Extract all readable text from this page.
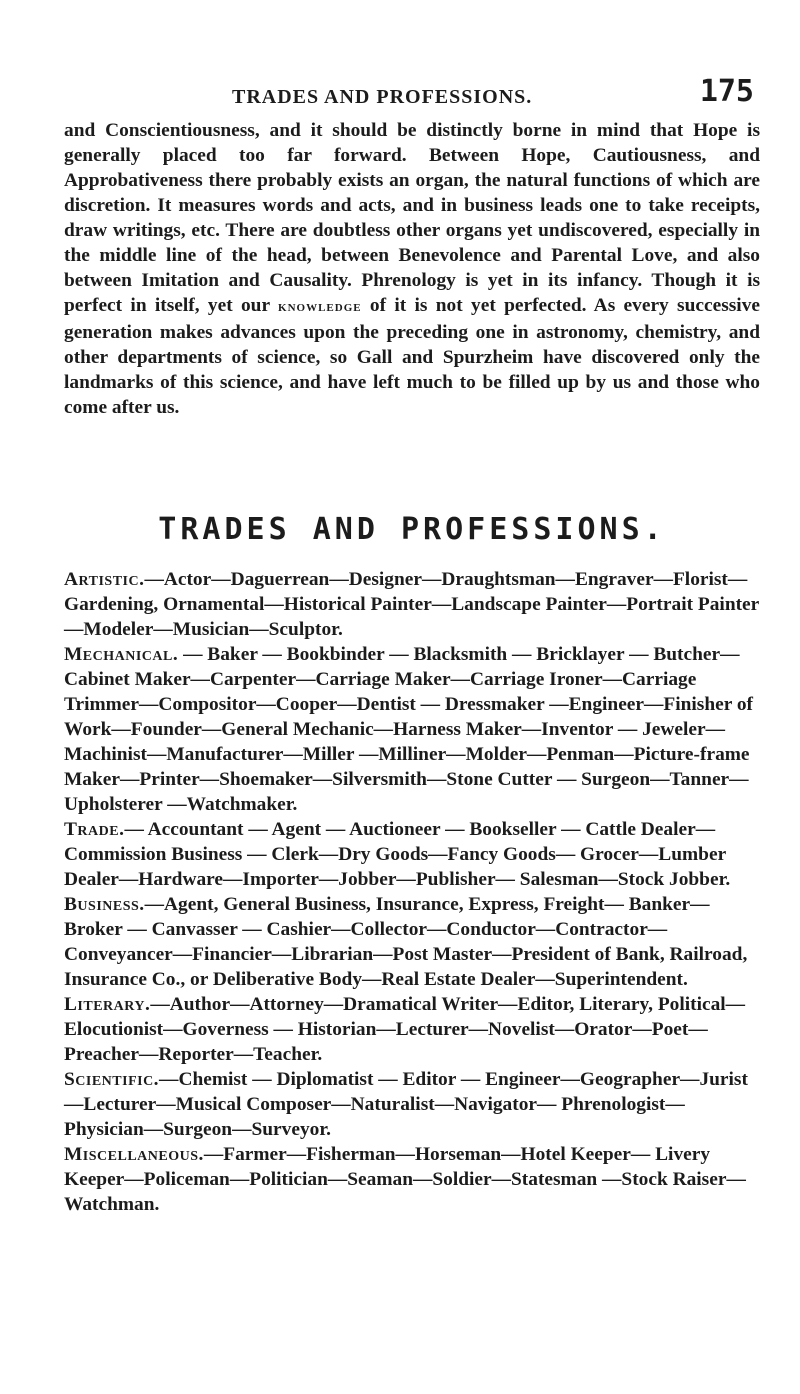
TRADES AND PROFESSIONS.	175

and Conscientiousness, and it should be distinctly borne in mind that Hope is generally placed too far forward. Between Hope, Cautiousness, and Approbativeness there probably exists an organ, the natural functions of which are discretion. It measures words and acts, and in business leads one to take receipts, draw writings, etc. There are doubtless other organs yet undiscovered, especially in the middle line of the head, between Benevolence and Parental Love, and also between Imitation and Causality. Phrenology is yet in its infancy. Though it is perfect in itself, yet our knowledge of it is not yet perfected. As every successive generation makes advances upon the preceding one in astronomy, chemistry, and other departments of science, so Gall and Spurzheim have discovered only the landmarks of this science, and have left much to be filled up by us and those who come after us.

TRADES AND PROFESSIONS.

Artistic.—Actor—Daguerrean—Designer—Draughtsman—Engraver—Florist—Gardening, Ornamental—Historical Painter—Landscape Painter—Portrait Painter—Modeler—Musician—Sculptor.

Mechanical. — Baker — Bookbinder — Blacksmith — Bricklayer — Butcher—Cabinet Maker—Carpenter—Carriage Maker—Carriage Ironer—Carriage Trimmer—Compositor—Cooper—Dentist — Dressmaker —Engineer—Finisher of Work—Founder—General Mechanic—Harness Maker—Inventor — Jeweler— Machinist—Manufacturer—Miller —Milliner—Molder—Penman—Picture-frame Maker—Printer—Shoemaker—Silversmith—Stone Cutter — Surgeon—Tanner—Upholsterer —Watchmaker.

Trade.— Accountant — Agent — Auctioneer — Bookseller — Cattle Dealer—Commission Business — Clerk—Dry Goods—Fancy Goods— Grocer—Lumber Dealer—Hardware—Importer—Jobber—Publisher— Salesman—Stock Jobber.

Business.—Agent, General Business, Insurance, Express, Freight— Banker—Broker — Canvasser — Cashier—Collector—Conductor—Contractor—Conveyancer—Financier—Librarian—Post Master—President of Bank, Railroad, Insurance Co., or Deliberative Body—Real Estate Dealer—Superintendent.

Literary.—Author—Attorney—Dramatical Writer—Editor, Literary, Political—Elocutionist—Governess — Historian—Lecturer—Novelist—Orator—Poet—Preacher—Reporter—Teacher.

Scientific.—Chemist — Diplomatist — Editor — Engineer—Geographer—Jurist—Lecturer—Musical Composer—Naturalist—Navigator— Phrenologist—Physician—Surgeon—Surveyor.

Miscellaneous.—Farmer—Fisherman—Horseman—Hotel Keeper— Livery Keeper—Policeman—Politician—Seaman—Soldier—Statesman —Stock Raiser—Watchman.
